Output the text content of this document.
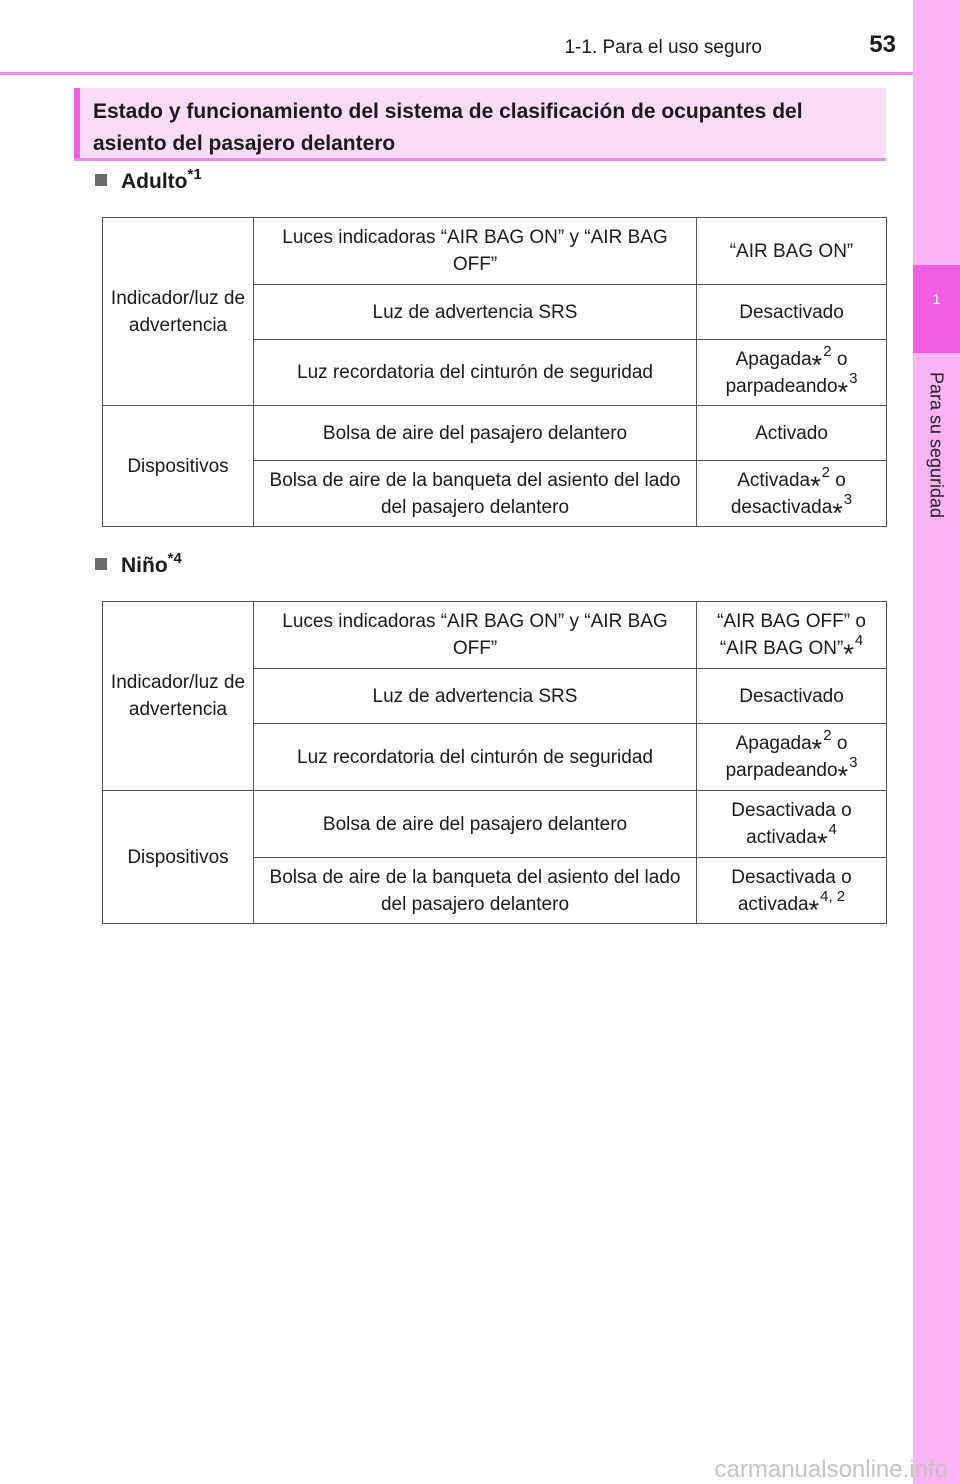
1
Para su seguridad
1-1. Para el uso seguro	53
Estado y funcionamiento del sistema de clasificación de ocupantes del asiento del pasajero delantero
Adulto$^{*1}$
Indicador/luz de advertencia	Luces indicadoras “AIR BAG ON” y “AIR BAG OFF”	“AIR BAG ON”
	Luz de advertencia SRS	Desactivado
	Luz recordatoria del cinturón de seguridad	Apagada*$^2$ o
parpadeando*$^3$
Dispositivos	Bolsa de aire del pasajero delantero	Activado
	Bolsa de aire de la banqueta del asiento del lado del pasajero delantero	Activada*$^2$ o
desactivada*$^3$
Niño$^{*4}$
Indicador/luz de advertencia	Luces indicadoras “AIR BAG ON” y “AIR BAG OFF”	“AIR BAG OFF” o
“AIR BAG ON”*$^4$
	Luz de advertencia SRS	Desactivado
	Luz recordatoria del cinturón de seguridad	Apagada*$^2$ o
parpadeando*$^3$
Dispositivos	Bolsa de aire del pasajero delantero	Desactivada o
activada*$^4$
	Bolsa de aire de la banqueta del asiento del lado del pasajero delantero	Desactivada o
activada*$^{4, 2}$
carmanualsonline.info
